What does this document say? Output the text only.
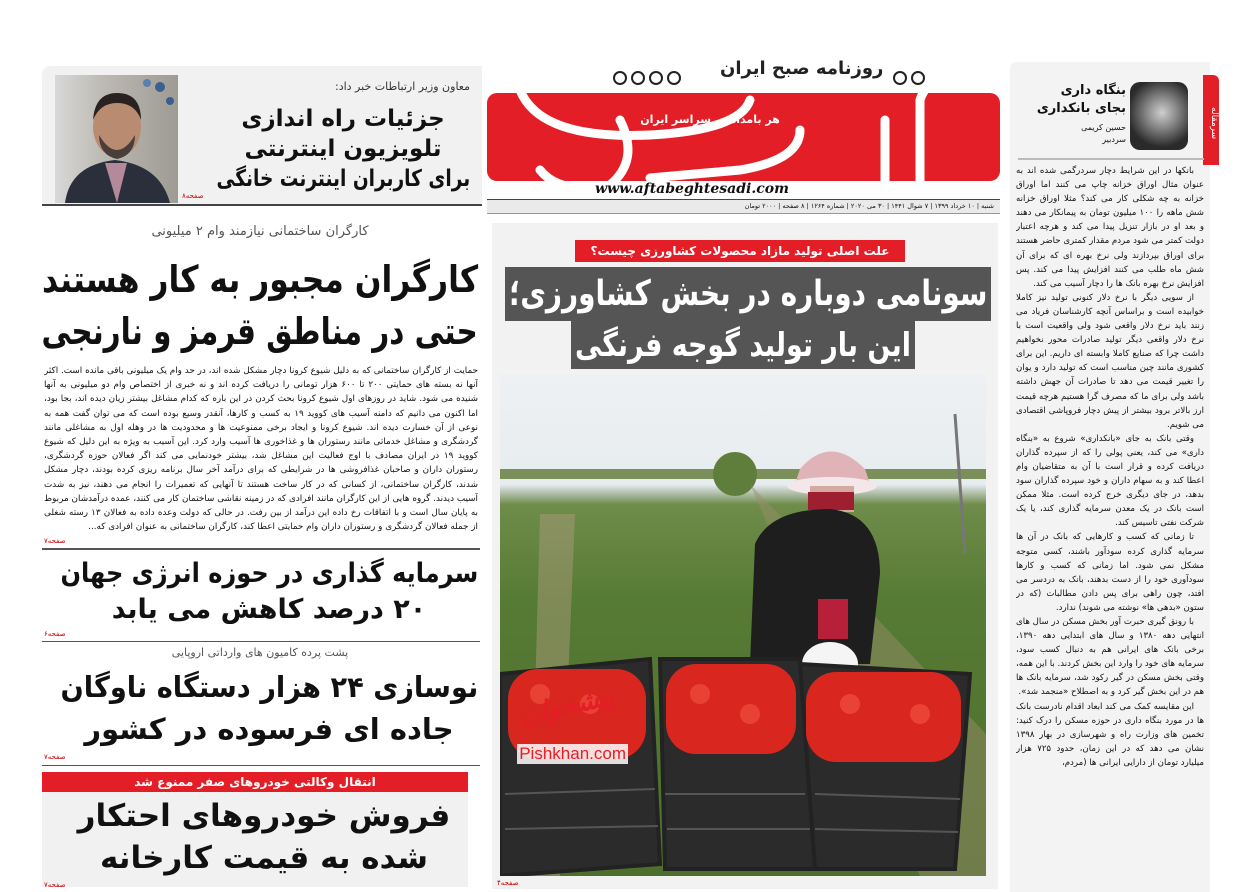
سرمقاله
بنگاه داری
بجای بانکداری
حسین کریمی
سردبیر

بانکها در این شرایط دچار سردرگمی شده اند به عنوان مثال اوراق خزانه چاپ می کنند اما اوراق خزانه به چه شکلی کار می کند؟ مثلا اوراق خزانه شش ماهه را ۱۰۰ میلیون تومان به پیمانکار می دهند و بعد او در بازار تنزیل پیدا می کند و هرچه اعتبار دولت کمتر می شود مردم مقدار کمتری حاضر هستند برای اوراق بپردازند ولی نرخ بهره ای که برای آن شش ماه طلب می کنند افزایش پیدا می کند. پس افزایش نرخ بهره بانک ها را دچار آسیب می کند.

از سویی دیگر با نرخ دلار کنونی تولید نیز کاملا خوابیده است و براساس آنچه کارشناسان فریاد می زنند باید نرخ دلار واقعی شود ولی واقعیت است با نرخ دلار واقعی دیگر تولید صادرات محور نخواهیم داشت چرا که صنایع کاملا وابسته ای داریم. این برای کشوری مانند چین مناسب است که تولید دارد و یوان را تغییر قیمت می دهد تا صادرات آن جهش داشته باشد ولی برای ما که مصرف گرا هستیم هرچه قیمت ارز بالاتر برود بیشتر از پیش دچار فروپاشی اقتصادی می شویم.

وقتی بانک به جای «بانکداری» شروع به «بنگاه داری» می کند، یعنی پولی را که از سپرده گذاران دریافت کرده و قرار است با آن به متقاضیان وام اعطا کند و به سهام داران و خود سپرده گذاران سود بدهد، در جای دیگری خرج کرده است. مثلا ممکن است بانک در یک معدن سرمایه گذاری کند، یا یک شرکت نفتی تاسیس کند.

تا زمانی که کسب و کارهایی که بانک در آن ها سرمایه گذاری کرده سودآور باشند، کسی متوجه مشکل نمی شود. اما زمانی که کسب و کارها سودآوری خود را از دست بدهند، بانک به دردسر می افتد، چون راهی برای پس دادن مطالبات (که در ستون «بدهی ها» نوشته می شوند) ندارد.

با رونق گیری حبرت آور بخش مسکن در سال های انتهایی دهه ۱۳۸۰ و سال های ابتدایی دهه ۱۳۹۰، برخی بانک های ایرانی هم به دنبال کسب سود، سرمایه های خود را وارد این بخش کردند. با این همه، وقتی بخش مسکن در گیر رکود شد، سرمایه بانک ها هم در این بخش گیر کرد و به اصطلاح «منجمد شد».

این مقایسه کمک می کند ابعاد اقدام نادرست بانک ها در مورد بنگاه داری در حوزه مسکن را درک کنید: تخمین های وزارت راه و شهرسازی در بهار ۱۳۹۸ نشان می دهد که در این زمان، حدود ۷۲۵ هزار میلیارد تومان از دارایی ایرانی ها (مردم،

روزنامه صبح ایران
هر بامداد در سراسر ایران
www.aftabeghtesadi.com
شنبه | ۱۰ خرداد ۱۳۹۹ | ۷ شوال ۱۴۴۱ | ۳۰ می ۲۰۲۰ | شماره ۱۲۶۴ | ۸ صفحه | ۲۰۰۰ تومان
علت اصلی تولید مازاد محصولات کشاورزی چیست؟
سونامی دوباره در بخش کشاورزی؛
این بار تولید گوجه فرنگی
صفحه۴
معاون وزیر ارتباطات خبر داد:
جزئیات راه اندازی
تلویزیون اینترنتی
برای کاربران اینترنت خانگی
صفحه۸
کارگران ساختمانی نیازمند وام ۲ میلیونی
کارگران مجبور به کار هستند
حتی در مناطق قرمز و نارنجی
حمایت از کارگران ساختمانی که به دلیل شیوع کرونا دچار مشکل شده اند، در حد وام یک میلیونی باقی مانده است. اکثر آنها نه بسته های حمایتی ۲۰۰ تا ۶۰۰ هزار تومانی را دریافت کرده اند و نه خبری از اختصاص وام دو میلیونی به آنها شنیده می شود. شاید در روزهای اول شیوع کرونا بحث کردن در این باره که کدام مشاغل بیشتر زیان دیده اند، بجا بود، اما اکنون می دانیم که دامنه آسیب های کووید ۱۹ به کسب و کارها، آنقدر وسیع بوده است که می توان گفت همه به نوعی از آن خسارت دیده اند. شیوع کرونا و ایجاد برخی ممنوعیت ها و محدودیت ها در وهله اول به مشاغلی مانند گردشگری و مشاغل خدماتی مانند رستوران ها و غذاخوری ها آسیب وارد کرد. این آسیب به ویژه به این دلیل که شیوع کووید ۱۹ در ایران مصادف با اوج فعالیت این مشاغل شد، بیشتر خودنمایی می کند اگر فعالان حوزه گردشگری، رستوران داران و صاحبان غذافروشی ها در شرایطی که برای درآمد آخر سال برنامه ریزی کرده بودند، دچار مشکل شدند، کارگران ساختمانی، از کسانی که در کار ساخت هستند تا آنهایی که تعمیرات را انجام می دهند، نیز به شدت آسیب دیدند. گروه هایی از این کارگران مانند افرادی که در زمینه نقاشی ساختمان کار می کنند، عمده درآمدشان مربوط به پایان سال است و با اتفاقات رخ داده این درآمد از بین رفت. در حالی که دولت وعده داده به فعالان ۱۳ رسته شغلی از جمله فعالان گردشگری و رستوران داران وام حمایتی اعطا کند، کارگران ساختمانی به عنوان افرادی که...
صفحه۷
سرمایه گذاری در حوزه انرژی جهان
۲۰ درصد کاهش می یابد
صفحه۶
پشت پرده کامیون های وارداتی اروپایی
نوسازی ۲۴ هزار دستگاه ناوگان
جاده ای فرسوده در کشور
صفحه۷
انتقال وکالتی خودروهای صفر ممنوع شد
فروش خودروهای احتکار
شده به قیمت کارخانه
صفحه۷
پیشخوان
Pishkhan.com
